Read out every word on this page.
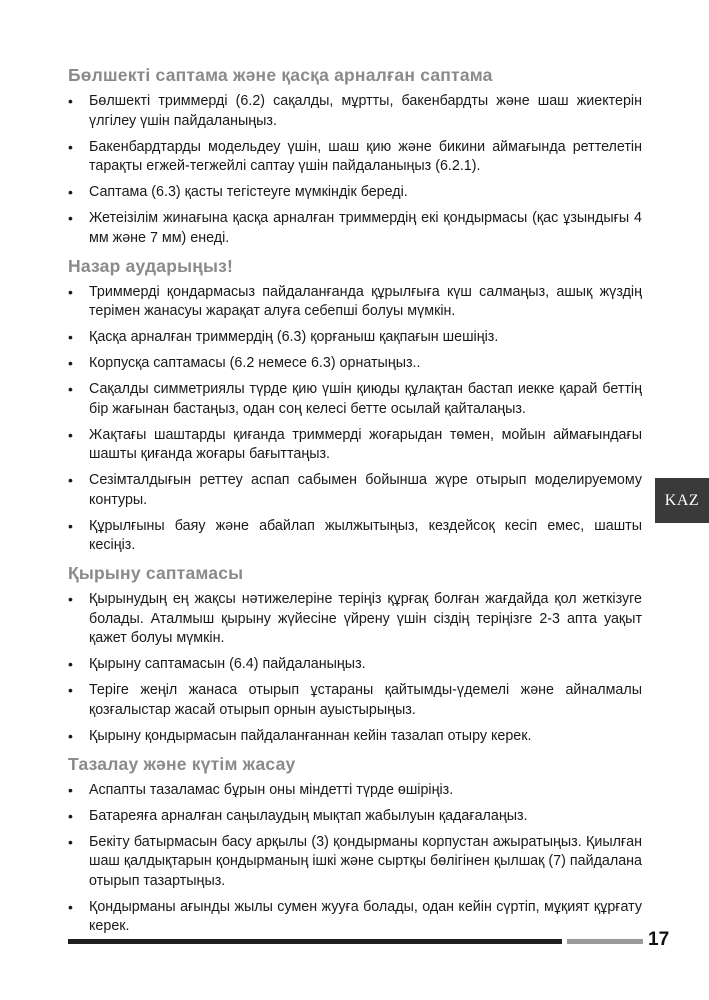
Бөлшекті саптама және қасқа арналған саптама
• Бөлшекті триммерді (6.2) сақалды, мұртты, бакенбардты және шаш жиектерін үлгілеу үшін пайдаланыңыз.
• Бакенбардтарды модельдеу үшін, шаш қию және бикини аймағында реттелетін тарақты егжей-тегжейлі саптау үшін пайдаланыңыз (6.2.1).
• Саптама (6.3) қасты тегістеуге мүмкіндік береді.
• Жетеізілім жинағына қасқа арналған триммердің екі қондырмасы (қас ұзындығы 4 мм және 7 мм) енеді.
Назар аударыңыз!
• Триммерді қондармасыз пайдаланғанда құрылғыға күш салмаңыз, ашық жүздің терімен жанасуы жарақат алуға себепші болуы мүмкін.
• Қасқа арналған триммердің (6.3) қорғаныш қақпағын шешіңіз.
• Корпусқа саптамасы (6.2 немесе 6.3) орнатыңыз..
• Сақалды симметриялы түрде қию үшін қиюды құлақтан бастап иекке қарай беттің бір жағынан бастаңыз, одан соң келесі бетте осылай қайталаңыз.
• Жақтағы шаштарды қиғанда триммерді жоғарыдан төмен, мойын аймағындағы шашты қиғанда жоғары бағыттаңыз.
• Сезімталдығын реттеу аспап сабымен бойынша жүре отырып моделируемому контуры.
• Құрылғыны баяу және абайлап жылжытыңыз, кездейсоқ кесіп емес, шашты кесіңіз.
Қырыну саптамасы
• Қырынудың ең жақсы нәтижелеріне теріңіз құрғақ болған жағдайда қол жеткізуге болады. Аталмыш қырыну жүйесіне үйрену үшін сіздің теріңізге 2-3 апта уақыт қажет болуы мүмкін.
• Қырыну саптамасын (6.4) пайдаланыңыз.
• Теріге жеңіл жанаса отырып ұстараны қайтымды-үдемелі және айналмалы қозғалыстар жасай отырып орнын ауыстырыңыз.
• Қырыну қондырмасын пайдаланғаннан кейін тазалап отыру керек.
Тазалау және күтім жасау
• Аспапты тазаламас бұрын оны міндетті түрде өшіріңіз.
• Батареяға арналған саңылаудың мықтап жабылуын қадағалаңыз.
• Бекіту батырмасын басу арқылы (3) қондырманы корпустан ажыратыңыз. Қиылған шаш қалдықтарын қондырманың ішкі және сыртқы бөлігінен қылшақ (7) пайдалана отырып тазартыңыз.
• Қондырманы ағынды жылы сумен жууға болады, одан кейін сүртіп, мұқият құрғату керек.
KAZ
17
